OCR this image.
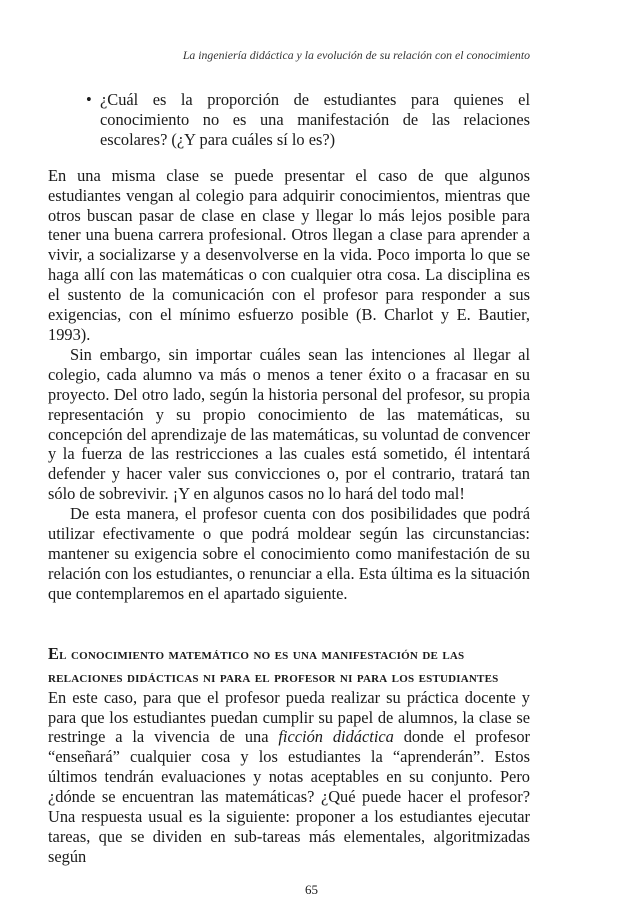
La ingeniería didáctica y la evolución de su relación con el conocimiento
• ¿Cuál es la proporción de estudiantes para quienes el conocimiento no es una manifestación de las relaciones escolares? (¿Y para cuáles sí lo es?)

En una misma clase se puede presentar el caso de que algunos estudiantes vengan al colegio para adquirir conocimientos, mientras que otros buscan pasar de clase en clase y llegar lo más lejos posible para tener una buena carrera profesional. Otros llegan a clase para aprender a vivir, a socializarse y a desenvolverse en la vida. Poco importa lo que se haga allí con las matemáticas o con cualquier otra cosa. La disciplina es el sustento de la comunicación con el profesor para responder a sus exigencias, con el mínimo esfuerzo posible (B. Charlot y E. Bautier, 1993).

Sin embargo, sin importar cuáles sean las intenciones al llegar al colegio, cada alumno va más o menos a tener éxito o a fracasar en su proyecto. Del otro lado, según la historia personal del profesor, su propia representación y su propio conocimiento de las matemáticas, su concepción del aprendizaje de las matemáticas, su voluntad de convencer y la fuerza de las restricciones a las cuales está sometido, él intentará defender y hacer valer sus convicciones o, por el contrario, tratará tan sólo de sobrevivir. ¡Y en algunos casos no lo hará del todo mal!

De esta manera, el profesor cuenta con dos posibilidades que podrá utilizar efectivamente o que podrá moldear según las circunstancias: mantener su exigencia sobre el conocimiento como manifestación de su relación con los estudiantes, o renunciar a ella. Esta última es la situación que contemplaremos en el apartado siguiente.

El conocimiento matemático no es una manifestación de las relaciones didácticas ni para el profesor ni para los estudiantes

En este caso, para que el profesor pueda realizar su práctica docente y para que los estudiantes puedan cumplir su papel de alumnos, la clase se restringe a la vivencia de una ficción didáctica donde el profesor “enseñará” cualquier cosa y los estudiantes la “aprenderán”. Estos últimos tendrán evaluaciones y notas aceptables en su conjunto. Pero ¿dónde se encuentran las matemáticas? ¿Qué puede hacer el profesor? Una respuesta usual es la siguiente: proponer a los estudiantes ejecutar tareas, que se dividen en sub-tareas más elementales, algoritmizadas según

65
